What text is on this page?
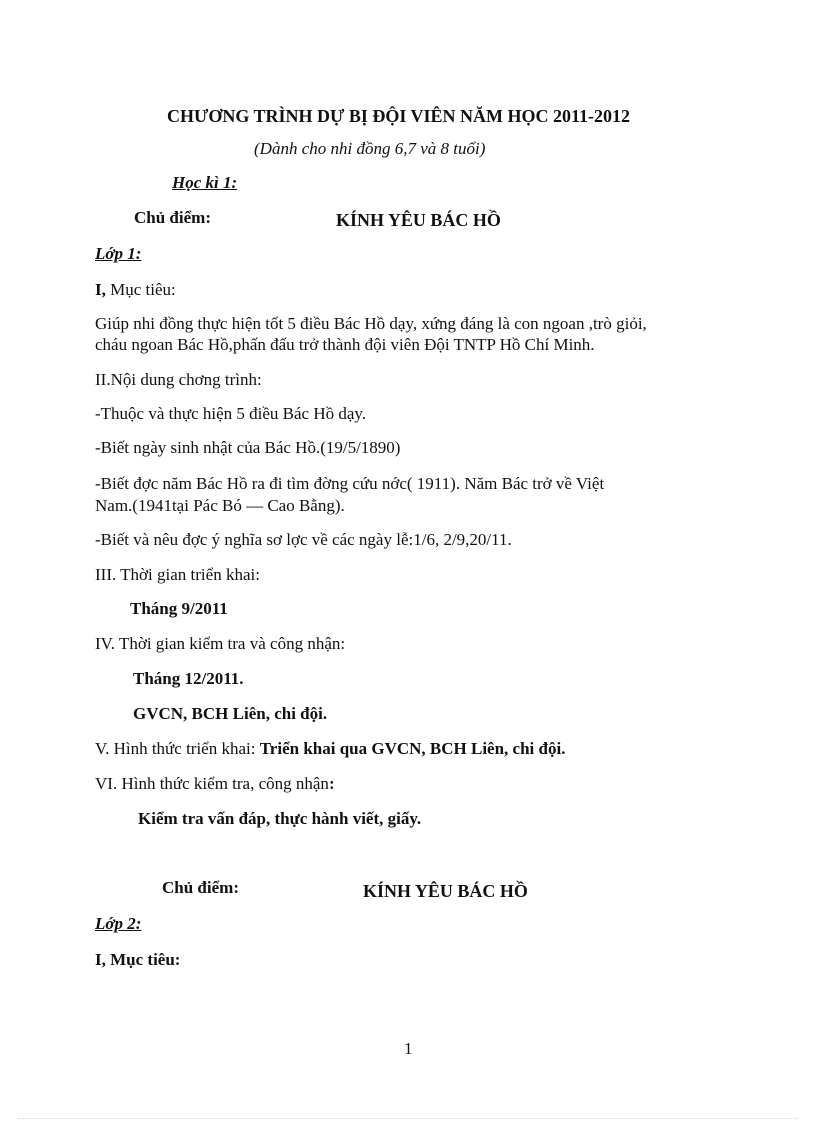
CHƯƠNG TRÌNH DỰ BỊ ĐỘI VIÊN NĂM HỌC 2011-2012
(Dành cho nhi đồng 6,7 và 8 tuổi)
Học kì 1:
Chủ điểm:	KÍNH YÊU BÁC HỒ
Lớp 1:
I, Mục tiêu:
Giúp nhi đồng thực hiện tốt 5 điều Bác Hồ dạy, xứng đáng là con ngoan ,trò giỏi,
cháu ngoan Bác Hồ,phấn đấu trở thành đội viên Đội TNTP Hồ Chí Minh.
II.Nội dung chơng trình:
-Thuộc và thực hiện 5 điều Bác Hồ dạy.
-Biết ngày sinh nhật của Bác Hồ.(19/5/1890)
-Biết đợc năm Bác Hồ ra đi tìm đờng cứu nớc( 1911). Năm Bác trở về Việt
Nam.(1941tại Pác Bó — Cao Bằng).
-Biết và nêu đợc ý nghĩa sơ lợc về các ngày lễ:1/6, 2/9,20/11.
III. Thời gian triển khai:
Tháng 9/2011
IV. Thời gian kiểm tra và công nhận:
Tháng 12/2011.
GVCN, BCH Liên, chi đội.
V. Hình thức triển khai: Triển khai qua GVCN, BCH Liên, chi đội.
VI. Hình thức kiểm tra, công nhận:
Kiểm tra vấn đáp, thực hành viết, giấy.
Chủ điểm:	KÍNH YÊU BÁC HỒ
Lớp 2:
I, Mục tiêu:
1
